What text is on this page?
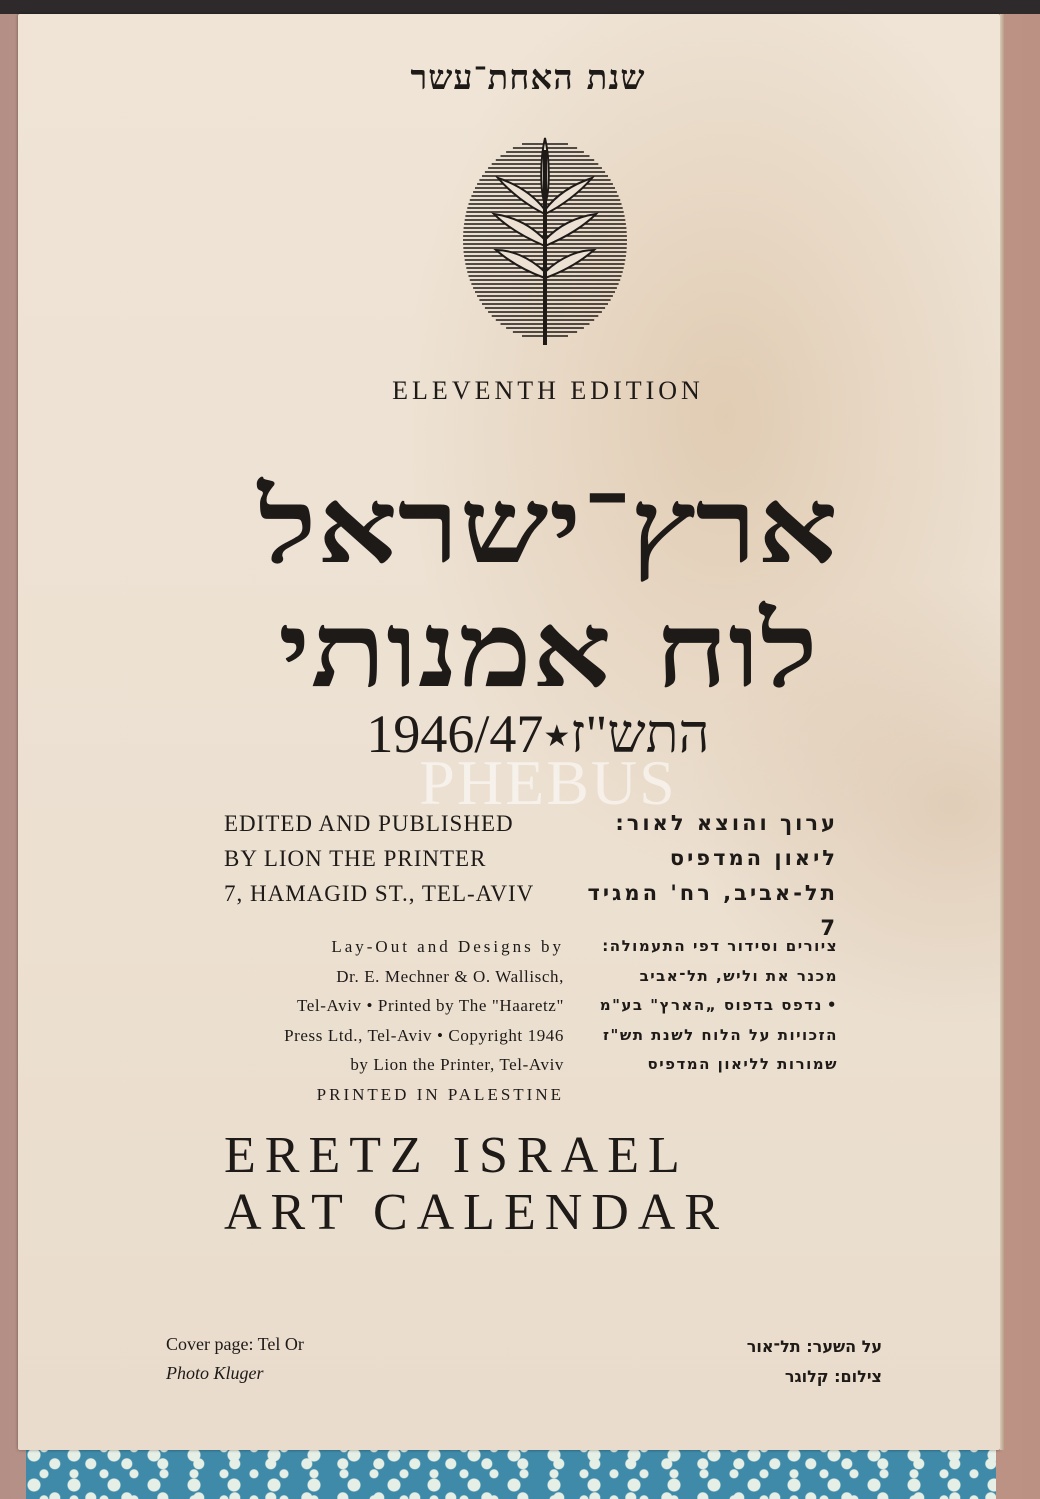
שנת האחת־עשר
ELEVENTH EDITION
ארץ־ישראל
לוח אמנותי
1946/47★התש"ז
PHEBUS
EDITED AND PUBLISHED
BY LION THE PRINTER
7, HAMAGID ST., TEL-AVIV
ערוך והוצא לאור:
ליאון המדפיס
תל-אביב, רח' המגיד 7
Lay-Out and Designs by
Dr. E. Mechner & O. Wallisch,
Tel-Aviv • Printed by The "Haaretz"
Press Ltd., Tel-Aviv • Copyright 1946
by Lion the Printer, Tel-Aviv
PRINTED IN PALESTINE
ציורים וסידור דפי התעמולה:
מכנר את וליש, תל־אביב
•נדפס בדפוס „הארץ" בע"מ
הזכויות על הלוח לשנת תש"ז
שמורות לליאון המדפיס
ERETZ ISRAEL
ART CALENDAR
Cover page: Tel Or
Photo Kluger
על השער: תל־אור
צילום: קלוגר
